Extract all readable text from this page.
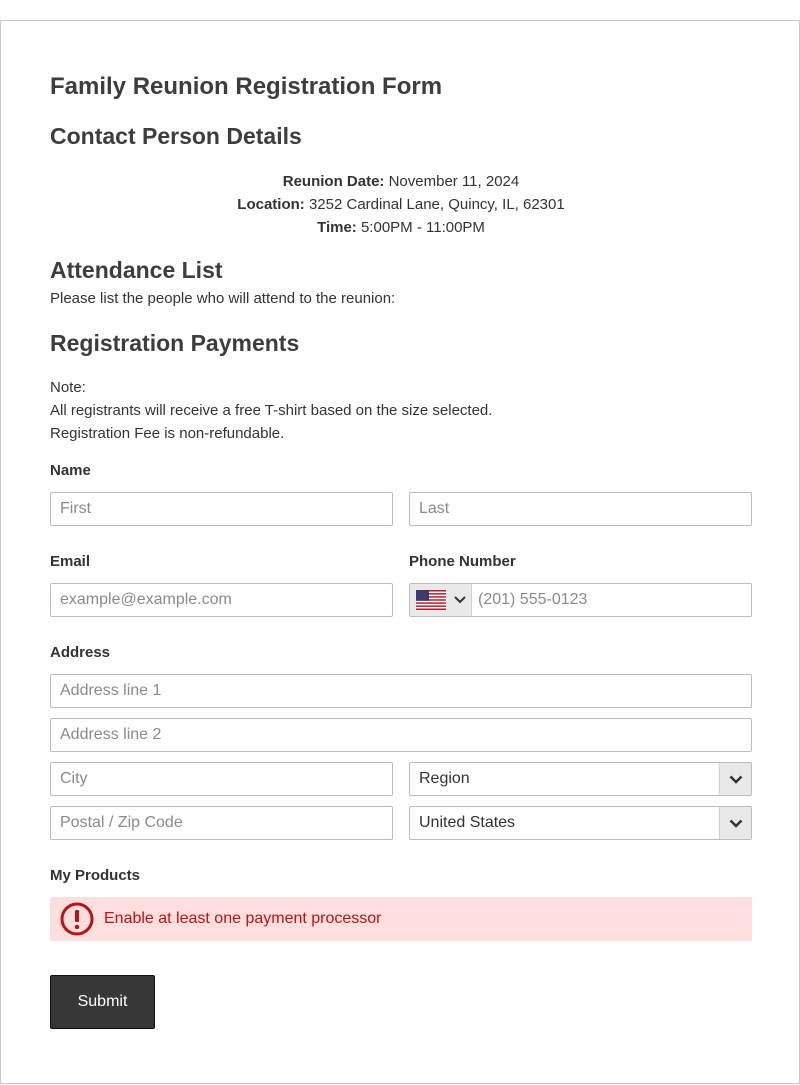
Family Reunion Registration Form
Contact Person Details
Reunion Date: November 11, 2024
Location: 3252 Cardinal Lane, Quincy, IL, 62301
Time: 5:00PM - 11:00PM
Attendance List

Please list the people who will attend to the reunion:

Registration Payments

Note:

All registrants will receive a free T-shirt based on the size selected.

Registration Fee is non-refundable.

Name
First
Last
Email
example@example.com	Phone Number
(201) 555-0123
Address
Address line 1
Address line 2
City
Region
Postal / Zip Code
United States
My Products
Enable at least one payment processor
Submit
